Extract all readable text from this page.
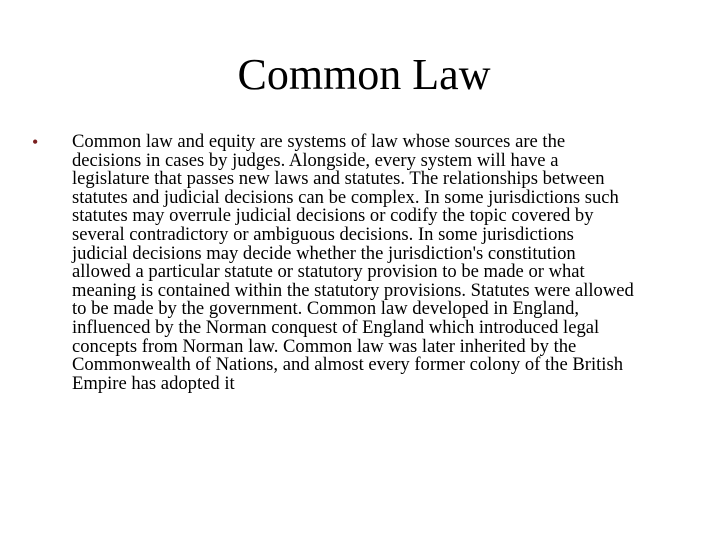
Common Law
• Common law and equity are systems of law whose sources are the
decisions in cases by judges. Alongside, every system will have a
legislature that passes new laws and statutes. The relationships between
statutes and judicial decisions can be complex. In some jurisdictions such
statutes may overrule judicial decisions or codify the topic covered by
several contradictory or ambiguous decisions. In some jurisdictions
judicial decisions may decide whether the jurisdiction's constitution
allowed a particular statute or statutory provision to be made or what
meaning is contained within the statutory provisions. Statutes were allowed
to be made by the government. Common law developed in England,
influenced by the Norman conquest of England which introduced legal
concepts from Norman law. Common law was later inherited by the
Commonwealth of Nations, and almost every former colony of the British
Empire has adopted it
